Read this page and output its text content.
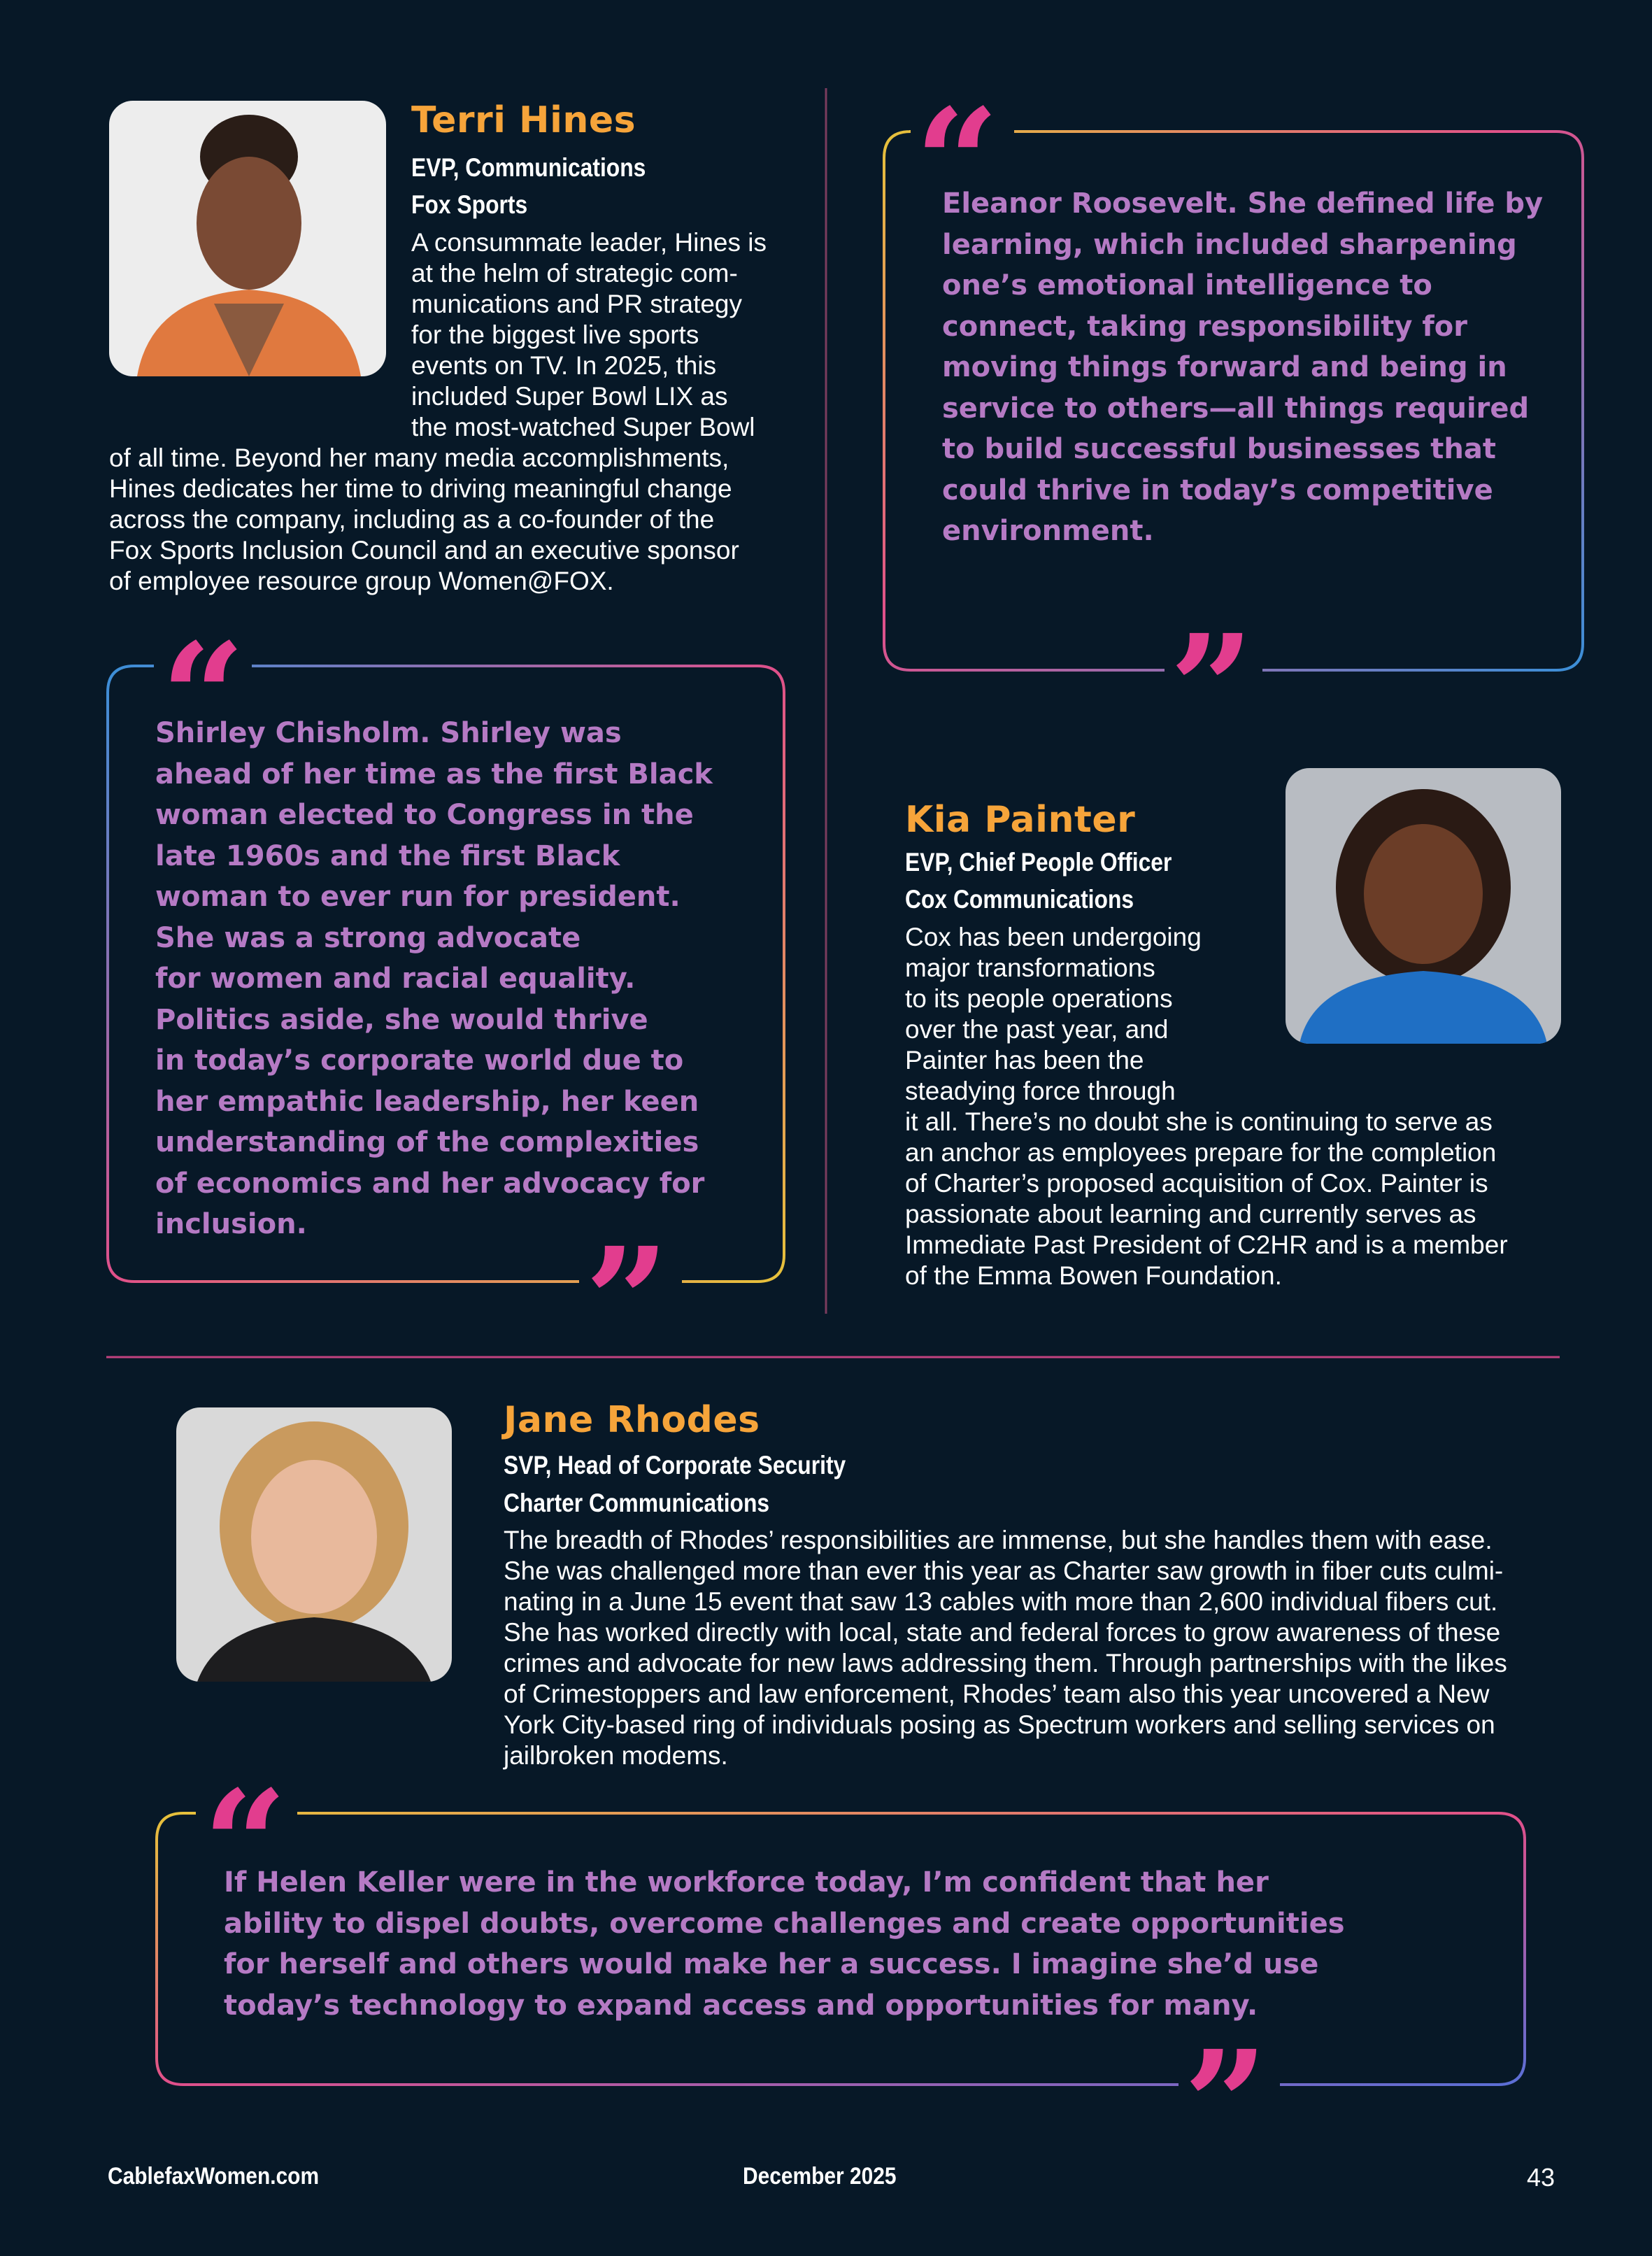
Terri Hines
EVP, Communications
Fox Sports
A consummate leader, Hines is
at the helm of strategic com-
munications and PR strategy
for the biggest live sports
events on TV. In 2025, this
included Super Bowl LIX as
the most-watched Super Bowl
of all time. Beyond her many media accomplishments,
Hines dedicates her time to driving meaningful change
across the company, including as a co-founder of the
Fox Sports Inclusion Council and an executive sponsor
of employee resource group Women@FOX.
“
Eleanor Roosevelt. She defined life by
learning, which included sharpening
one’s emotional intelligence to
connect, taking responsibility for
moving things forward and being in
service to others—all things required
to build successful businesses that
could thrive in today’s competitive
environment.
”
“
Shirley Chisholm. Shirley was
ahead of her time as the first Black
woman elected to Congress in the
late 1960s and the first Black
woman to ever run for president.
She was a strong advocate
for women and racial equality.
Politics aside, she would thrive
in today’s corporate world due to
her empathic leadership, her keen
understanding of the complexities
of economics and her advocacy for
inclusion.	”
Kia Painter
EVP, Chief People Officer
Cox Communications
Cox has been undergoing
major transformations
to its people operations
over the past year, and
Painter has been the
steadying force through
it all. There’s no doubt she is continuing to serve as
an anchor as employees prepare for the completion
of Charter’s proposed acquisition of Cox. Painter is
passionate about learning and currently serves as
Immediate Past President of C2HR and is a member
of the Emma Bowen Foundation.
Jane Rhodes
SVP, Head of Corporate Security
Charter Communications
The breadth of Rhodes’ responsibilities are immense, but she handles them with ease.
She was challenged more than ever this year as Charter saw growth in fiber cuts culmi-
nating in a June 15 event that saw 13 cables with more than 2,600 individual fibers cut.
She has worked directly with local, state and federal forces to grow awareness of these
crimes and advocate for new laws addressing them. Through partnerships with the likes
of Crimestoppers and law enforcement, Rhodes’ team also this year uncovered a New
York City-based ring of individuals posing as Spectrum workers and selling services on
jailbroken modems.
“
If Helen Keller were in the workforce today, I’m confident that her
ability to dispel doubts, overcome challenges and create opportunities
for herself and others would make her a success. I imagine she’d use
today’s technology to expand access and opportunities for many.
”
CablefaxWomen.com	December 2025	43
